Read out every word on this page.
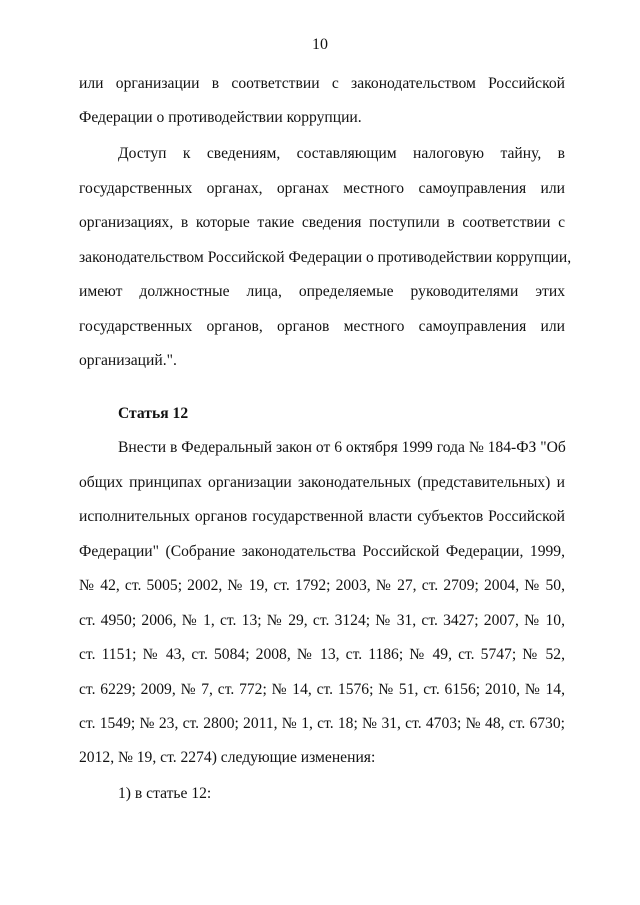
10
или организации в соответствии с законодательством Российской
Федерации о противодействии коррупции.
Доступ к сведениям, составляющим налоговую тайну, в
государственных органах, органах местного самоуправления или
организациях, в которые такие сведения поступили в соответствии с
законодательством Российской Федерации о противодействии коррупции,
имеют должностные лица, определяемые руководителями этих
государственных органов, органов местного самоуправления или
организаций.".
Статья 12
Внести в Федеральный закон от 6 октября 1999 года № 184-ФЗ "Об
общих принципах организации законодательных (представительных) и
исполнительных органов государственной власти субъектов Российской
Федерации" (Собрание законодательства Российской Федерации, 1999,
№ 42, ст. 5005; 2002, № 19, ст. 1792; 2003, № 27, ст. 2709; 2004, № 50,
ст. 4950; 2006, № 1, ст. 13; № 29, ст. 3124; № 31, ст. 3427; 2007, № 10,
ст. 1151; № 43, ст. 5084; 2008, № 13, ст. 1186; № 49, ст. 5747; № 52,
ст. 6229; 2009, № 7, ст. 772; № 14, ст. 1576; № 51, ст. 6156; 2010, № 14,
ст. 1549; № 23, ст. 2800; 2011, № 1, ст. 18; № 31, ст. 4703; № 48, ст. 6730;
2012, № 19, ст. 2274) следующие изменения:
1) в статье 12:
